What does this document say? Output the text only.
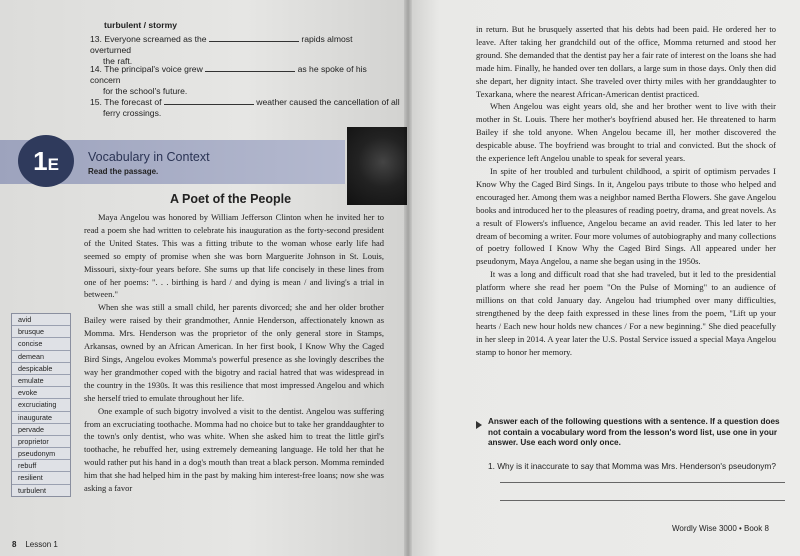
turbulent / stormy
13. Everyone screamed as the	rapids almost overturned
the raft.
14. The principal's voice grew	as he spoke of his concern
for the school's future.
15. The forecast of	weather caused the cancellation of all
ferry crossings.
1E	Vocabulary in Context
Read the passage.
A Poet of the People

Maya Angelou was honored by William Jefferson Clinton when he invited her to read a poem she had written to celebrate his inauguration as the forty-second president of the United States. This was a fitting tribute to the woman whose early life had seemed so empty of promise when she was born Marguerite Johnson in St. Louis, Missouri, sixty-four years before. She sums up that life concisely in these lines from one of her poems: ". . . birthing is hard / and dying is mean / and living's a trial in between."

When she was still a small child, her parents divorced; she and her older brother Bailey were raised by their grandmother, Annie Henderson, affectionately known as Momma. Mrs. Henderson was the proprietor of the only general store in Stamps, Arkansas, owned by an African American. In her first book, I Know Why the Caged Bird Sings, Angelou evokes Momma's powerful presence as she lovingly describes the way her grandmother coped with the bigotry and racial hatred that was widespread in the country in the 1930s. It was this resilience that most impressed Angelou and which she herself tried to emulate throughout her life.

One example of such bigotry involved a visit to the dentist. Angelou was suffering from an excruciating toothache. Momma had no choice but to take her granddaughter to the town's only dentist, who was white. When she asked him to treat the little girl's toothache, he rebuffed her, using extremely demeaning language. He told her that he would rather put his hand in a dog's mouth than treat a black person. Momma reminded him that she had helped him in the past by making him interest-free loans; now she was asking a favor

avid
brusque
concise
demean
despicable
emulate
evoke
excruciating
inaugurate
pervade
proprietor
pseudonym
rebuff
resilient
turbulent
8 Lesson 1

in return. But he brusquely asserted that his debts had been paid. He ordered her to leave. After taking her grandchild out of the office, Momma returned and stood her ground. She demanded that the dentist pay her a fair rate of interest on the loans she had made him. Finally, he handed over ten dollars, a large sum in those days. Only then did she depart, her dignity intact. She traveled over thirty miles with her granddaughter to Texarkana, where the nearest African-American dentist practiced.

When Angelou was eight years old, she and her brother went to live with their mother in St. Louis. There her mother's boyfriend abused her. He threatened to harm Bailey if she told anyone. When Angelou became ill, her mother discovered the despicable abuse. The boyfriend was brought to trial and convicted. But the shock of the experience left Angelou unable to speak for several years.

In spite of her troubled and turbulent childhood, a spirit of optimism pervades I Know Why the Caged Bird Sings. In it, Angelou pays tribute to those who helped and encouraged her. Among them was a neighbor named Bertha Flowers. She gave Angelou books and introduced her to the pleasures of reading poetry, drama, and great novels. As a result of Flowers's influence, Angelou became an avid reader. This led later to her dream of becoming a writer. Four more volumes of autobiography and many collections of poetry followed I Know Why the Caged Bird Sings. All appeared under her pseudonym, Maya Angelou, a name she began using in the 1950s.

It was a long and difficult road that she had traveled, but it led to the presidential platform where she read her poem "On the Pulse of Morning" to an audience of millions on that cold January day. Angelou had triumphed over many difficulties, strengthened by the deep faith expressed in these lines from the poem, "Lift up your hearts / Each new hour holds new chances / For a new beginning." She died peacefully in her sleep in 2014. A year later the U.S. Postal Service issued a special Maya Angelou stamp to honor her memory.

Answer each of the following questions with a sentence. If a question does not contain a vocabulary word from the lesson's word list, use one in your answer. Use each word only once.
1. Why is it inaccurate to say that Momma was Mrs. Henderson's pseudonym?
Wordly Wise 3000 • Book 8
